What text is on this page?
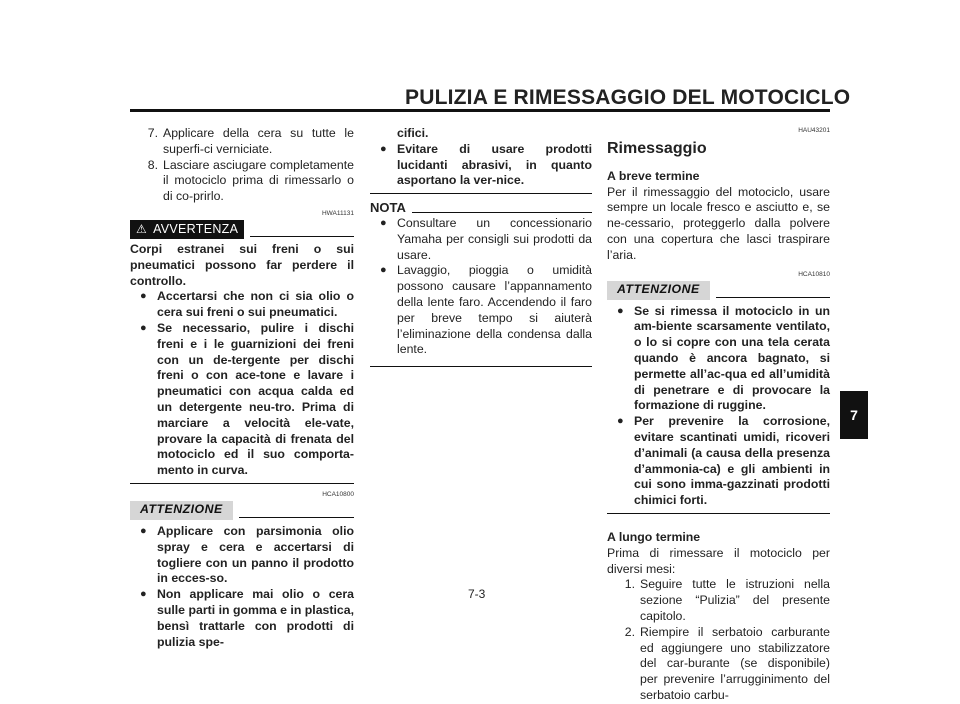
PULIZIA E RIMESSAGGIO DEL MOTOCICLO
7
7. Applicare della cera su tutte le superfi-ci verniciate.
8. Lasciare asciugare completamente il motociclo prima di rimessarlo o di co-prirlo.
HWA11131
⚠ AVVERTENZA
Corpi estranei sui freni o sui pneumatici possono far perdere il controllo.
● Accertarsi che non ci sia olio o cera sui freni o sui pneumatici.
● Se necessario, pulire i dischi freni e i le guarnizioni dei freni con un de-tergente per dischi freni o con ace-tone e lavare i pneumatici con acqua calda ed un detergente neu-tro. Prima di marciare a velocità ele-vate, provare la capacità di frenata del motociclo ed il suo comporta-mento in curva.
HCA10800
ATTENZIONE
● Applicare con parsimonia olio spray e cera e accertarsi di togliere con un panno il prodotto in ecces-so.
● Non applicare mai olio o cera sulle parti in gomma e in plastica, bensì trattarle con prodotti di pulizia spe-
cifici.
● Evitare di usare prodotti lucidanti abrasivi, in quanto asportano la ver-nice.
NOTA
● Consultare un concessionario Yamaha per consigli sui prodotti da usare.
● Lavaggio, pioggia o umidità possono causare l’appannamento della lente faro. Accendendo il faro per breve tempo si aiuterà l’eliminazione della condensa dalla lente.
HAU43201
Rimessaggio
A breve termine
Per il rimessaggio del motociclo, usare sempre un locale fresco e asciutto e, se ne-cessario, proteggerlo dalla polvere con una copertura che lasci traspirare l’aria.
HCA10810
ATTENZIONE
● Se si rimessa il motociclo in un am-biente scarsamente ventilato, o lo si copre con una tela cerata quando è ancora bagnato, si permette all’ac-qua ed all’umidità di penetrare e di provocare la formazione di ruggine.
● Per prevenire la corrosione, evitare scantinati umidi, ricoveri d’animali (a causa della presenza d’ammonia-ca) e gli ambienti in cui sono imma-gazzinati prodotti chimici forti.
A lungo termine
Prima di rimessare il motociclo per diversi mesi:
1. Seguire tutte le istruzioni nella sezione “Pulizia” del presente capitolo.
2. Riempire il serbatoio carburante ed aggiungere uno stabilizzatore del car-burante (se disponibile) per prevenire l’arrugginimento del serbatoio carbu-
7-3
